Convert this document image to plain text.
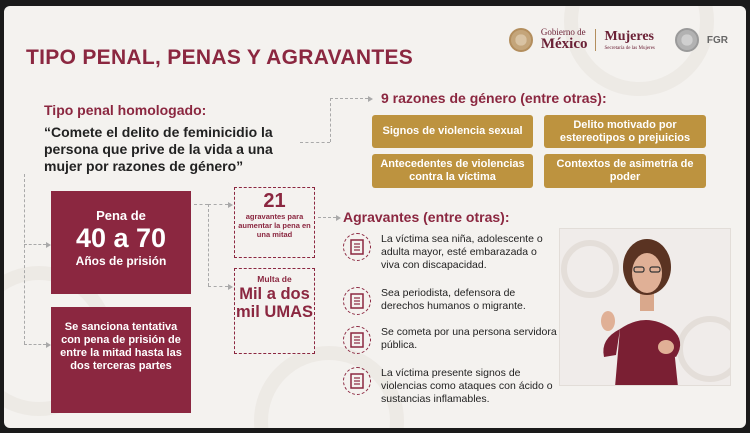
TIPO PENAL, PENAS Y AGRAVANTES
Gobierno de
México Mujeres
Secretaría de las Mujeres
FGR
Tipo penal homologado:
“Comete el delito de feminicidio la persona que prive de la vida a una mujer por razones de género”
Pena de
40 a 70
Años de prisión
Se sanciona tentativa con pena de prisión de entre la mitad hasta las dos terceras partes
21
agravantes para aumentar la pena en una mitad
Multa de
Mil a dos mil UMAS
9 razones de género (entre otras):
Signos de violencia sexual
Delito motivado por estereotipos o prejuicios
Antecedentes de violencias contra la víctima
Contextos de asimetría de poder
Agravantes (entre otras):
La víctima sea niña, adolescente o adulta mayor, esté embarazada o viva con discapacidad.
Sea periodista, defensora de derechos humanos o migrante.
Se cometa por una persona servidora pública.
La víctima presente signos de violencias como ataques con ácido o sustancias inflamables.
